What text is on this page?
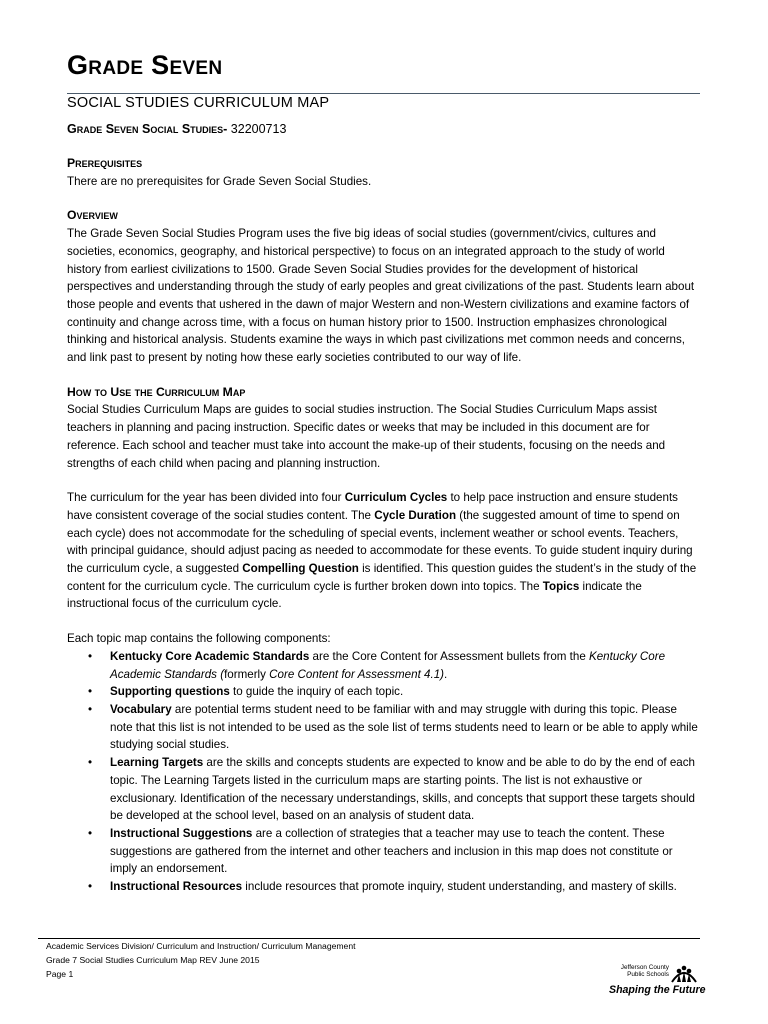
Grade Seven
SOCIAL STUDIES CURRICULUM MAP
Grade Seven Social Studies- 32200713

Prerequisites

There are no prerequisites for Grade Seven Social Studies.

Overview

The Grade Seven Social Studies Program uses the five big ideas of social studies (government/civics, cultures and societies, economics, geography, and historical perspective) to focus on an integrated approach to the study of world history from earliest civilizations to 1500. Grade Seven Social Studies provides for the development of historical perspectives and understanding through the study of early peoples and great civilizations of the past. Students learn about those people and events that ushered in the dawn of major Western and non-Western civilizations and examine factors of continuity and change across time, with a focus on human history prior to 1500. Instruction emphasizes chronological thinking and historical analysis. Students examine the ways in which past civilizations met common needs and concerns, and link past to present by noting how these early societies contributed to our way of life.

How to Use the Curriculum Map

Social Studies Curriculum Maps are guides to social studies instruction. The Social Studies Curriculum Maps assist teachers in planning and pacing instruction. Specific dates or weeks that may be included in this document are for reference. Each school and teacher must take into account the make-up of their students, focusing on the needs and strengths of each child when pacing and planning instruction.

The curriculum for the year has been divided into four Curriculum Cycles to help pace instruction and ensure students have consistent coverage of the social studies content. The Cycle Duration (the suggested amount of time to spend on each cycle) does not accommodate for the scheduling of special events, inclement weather or school events. Teachers, with principal guidance, should adjust pacing as needed to accommodate for these events. To guide student inquiry during the curriculum cycle, a suggested Compelling Question is identified. This question guides the student’s in the study of the content for the curriculum cycle. The curriculum cycle is further broken down into topics. The Topics indicate the instructional focus of the curriculum cycle.

Each topic map contains the following components:

• Kentucky Core Academic Standards are the Core Content for Assessment bullets from the Kentucky Core Academic Standards (formerly Core Content for Assessment 4.1).
• Supporting questions to guide the inquiry of each topic.
• Vocabulary are potential terms student need to be familiar with and may struggle with during this topic. Please note that this list is not intended to be used as the sole list of terms students need to learn or be able to apply while studying social studies.
• Learning Targets are the skills and concepts students are expected to know and be able to do by the end of each topic. The Learning Targets listed in the curriculum maps are starting points. The list is not exhaustive or exclusionary. Identification of the necessary understandings, skills, and concepts that support these targets should be developed at the school level, based on an analysis of student data.
• Instructional Suggestions are a collection of strategies that a teacher may use to teach the content. These suggestions are gathered from the internet and other teachers and inclusion in this map does not constitute or imply an endorsement.
• Instructional Resources include resources that promote inquiry, student understanding, and mastery of skills.
Academic Services Division/ Curriculum and Instruction/ Curriculum Management
Grade 7 Social Studies Curriculum Map REV June 2015
Page 1
Jefferson County
Public Schools
Shaping the Future
